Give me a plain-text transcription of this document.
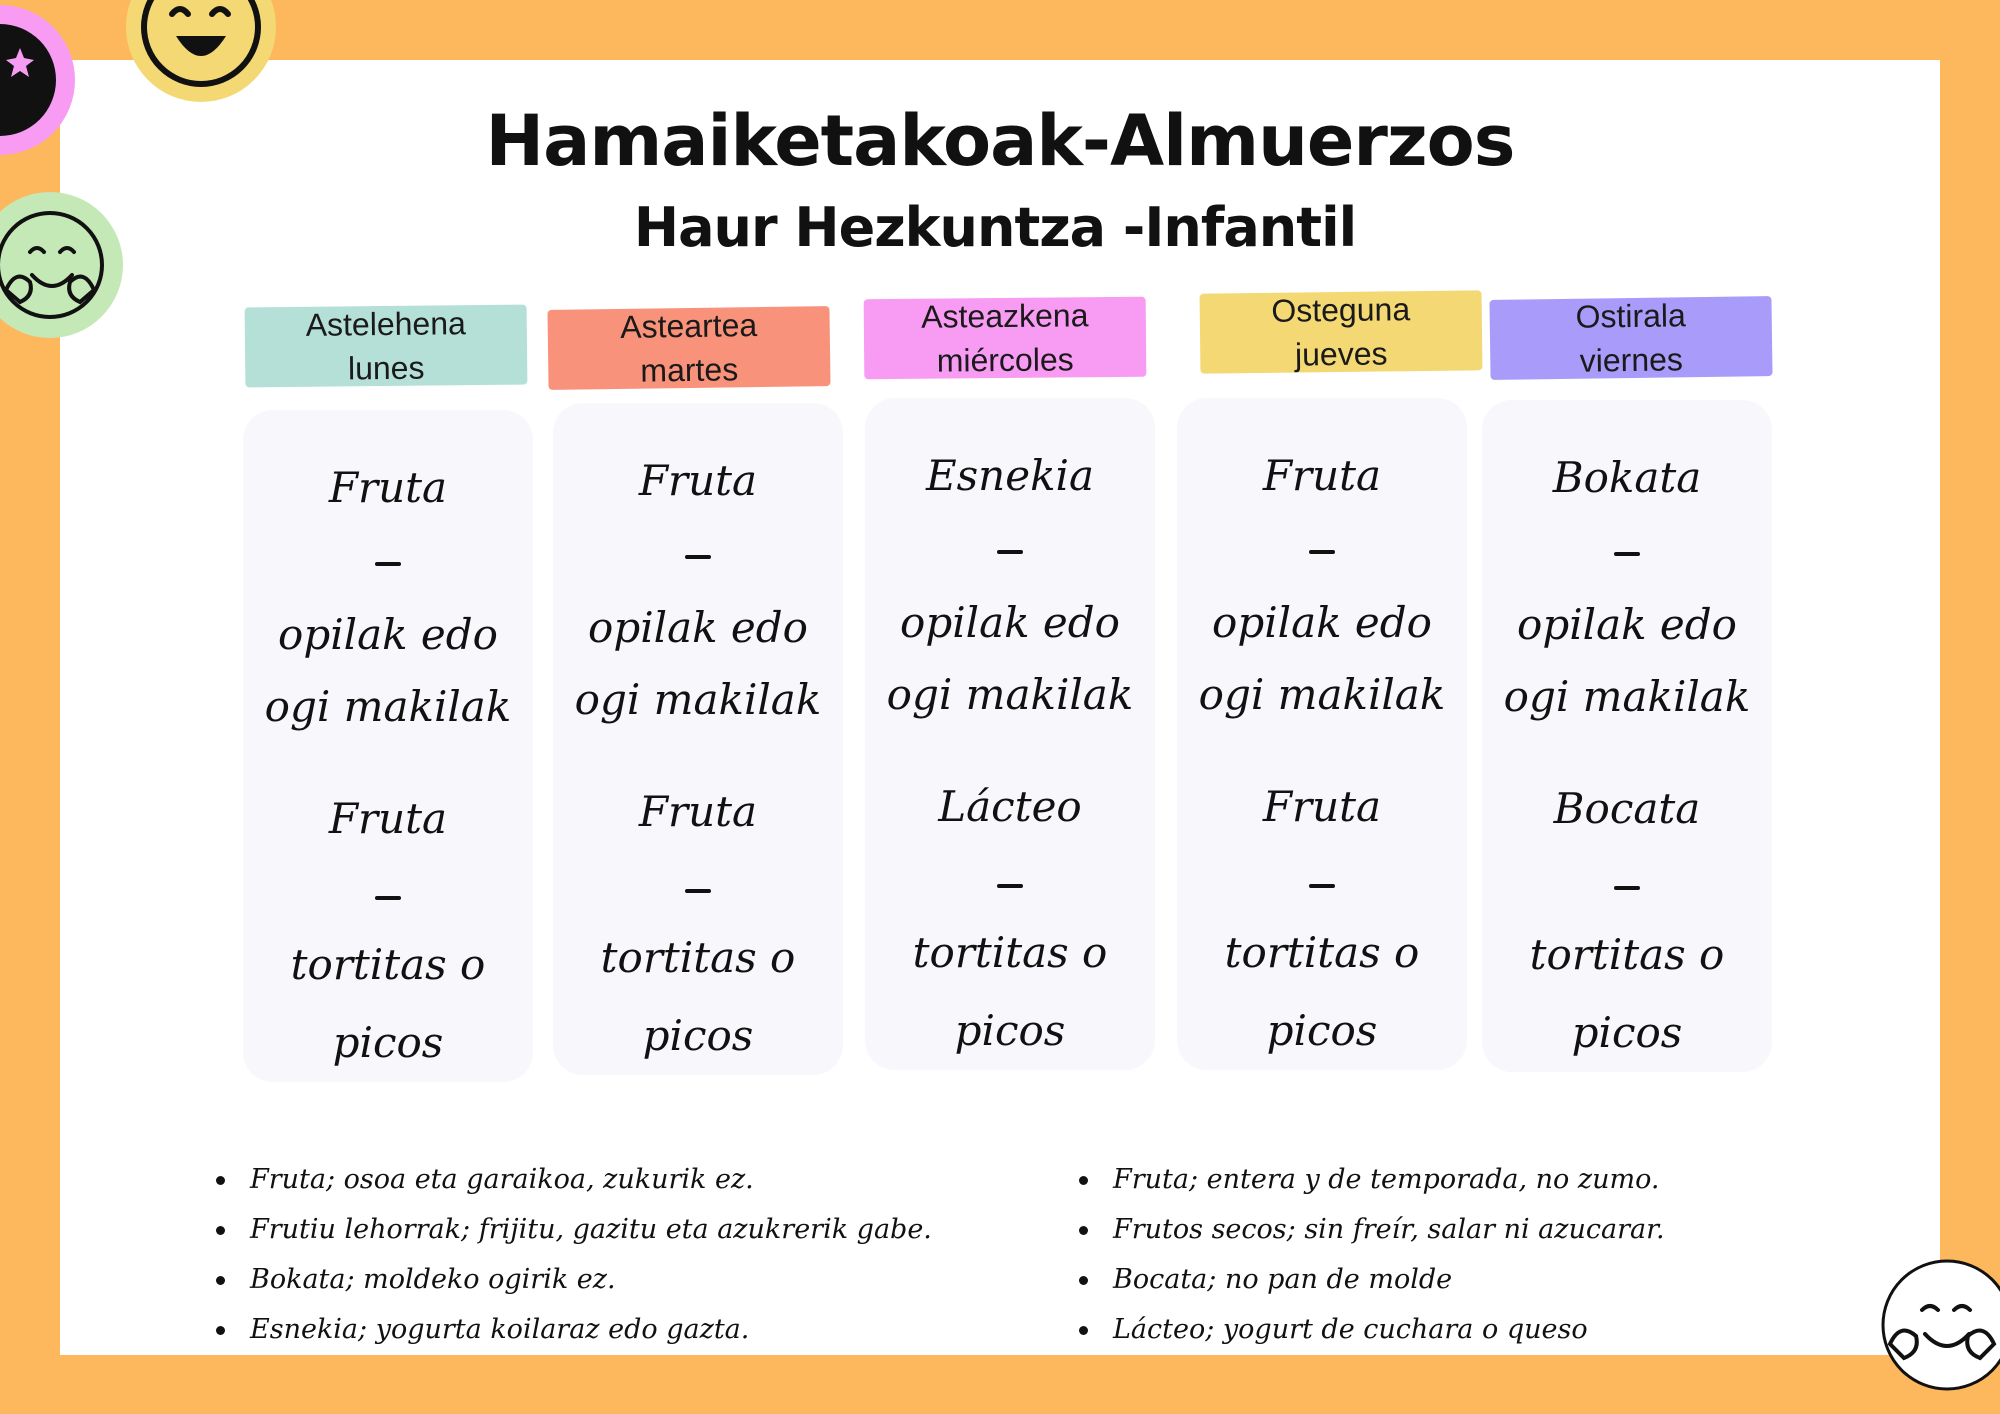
Hamaiketakoak-Almuerzos
Haur Hezkuntza -Infantil
Astelehena
lunes
Asteartea
martes
Asteazkena
miércoles
Osteguna
jueves
Ostirala
viernes
Fruta
opilak edo
ogi makilak
Fruta
tortitas o
picos
Fruta
opilak edo
ogi makilak
Fruta
tortitas o
picos
Esnekia
opilak edo
ogi makilak
Lácteo
tortitas o
picos
Fruta
opilak edo
ogi makilak
Fruta
tortitas o
picos
Bokata
opilak edo
ogi makilak
Bocata
tortitas o
picos
Fruta; osoa eta garaikoa, zukurik ez.
Frutiu lehorrak; frijitu, gazitu eta azukrerik gabe.
Bokata; moldeko ogirik ez.
Esnekia; yogurta koilaraz edo gazta.
Fruta; entera y de temporada, no zumo.
Frutos secos; sin freír, salar ni azucarar.
Bocata; no pan de molde
Lácteo; yogurt de cuchara o queso
